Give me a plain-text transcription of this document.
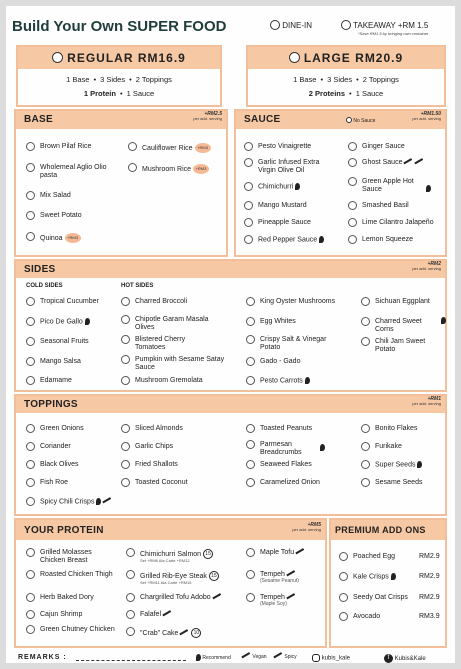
Build Your Own SUPER FOOD	DINE-IN	TAKEAWAY +RM 1.5
*Save RM1.5 by bringing own container
REGULAR RM16.9
1 Base • 3 Sides • 2 Toppings
1 Protein • 1 Sauce
LARGE RM20.9
1 Base • 3 Sides • 2 Toppings
2 Proteins • 1 Sauce
BASE	+RM2.5
per add. serving
Brown Pilaf Rice
Wholemeal Aglio Olio pasta
Mix Salad
Sweet Potato
Quinoa +RM3
Cauliflower Rice +RM3
Mushroom Rice +RM3
SAUCE	No Sauce
+RM1.50
per add. serving
Pesto Vinaigrette
Garlic Infused Extra Virgin Olive Oil
Chimichurri
Mango Mustard
Pineapple Sauce
Red Pepper Sauce
Ginger Sauce
Ghost Sauce
Green Apple Hot Sauce
Smashed Basil
Lime Cilantro Jalapeño
Lemon Squeeze
SIDES	+RM2
per add. serving
COLD SIDES	HOT SIDES
Tropical Cucumber
Pico De Gallo
Seasonal Fruits
Mango Salsa
Edamame
Charred Broccoli
Chipotle Garam Masala Olives
Blistered Cherry Tomatoes
Pumpkin with Sesame Satay Sauce
Mushroom Gremolata
King Oyster Mushrooms
Egg Whites
Crispy Salt & Vinegar Potato
Gado - Gado
Pesto Carrots
Sichuan Eggplant
Charred Sweet Corns
Chili Jam Sweet Potato
TOPPINGS	+RM1
per add. serving
Green Onions
Coriander
Black Olives
Fish Roe
Spicy Chili Crisps
Sliced Almonds
Garlic Chips
Fried Shallots
Toasted Coconut
Toasted Peanuts
Parmesan Breadcrumbs
Seaweed Flakes
Caramelized Onion
Bonito Flakes
Furikake
Super Seeds
Sesame Seeds
YOUR PROTEIN	+RM5
per add. serving
Grilled Molasses Chicken Breast
Roasted Chicken Thigh
Herb Baked Dory
Cajun Shrimp
Green Chutney Chicken
Chimichurri Salmon 15
Set +RM6 Ala Carte +RM12
Grilled Rib-Eye Steak 15
Set +RM11 Ala Carte +RM15
Chargrilled Tofu Adobo
Falafel
"Crab" Cake	10
Maple Tofu
Tempeh
(Sesame Peanut)
Tempeh
(Maple Soy)
PREMIUM ADD ONS
Poached Egg	RM2.9
Kale Crisps	RM2.9
Seedy Oat Crisps RM2.9
Avocado	RM3.9
REMARKS :	Recommend	Vegan	Spicy	kubis_kale	f Kubis&Kale
